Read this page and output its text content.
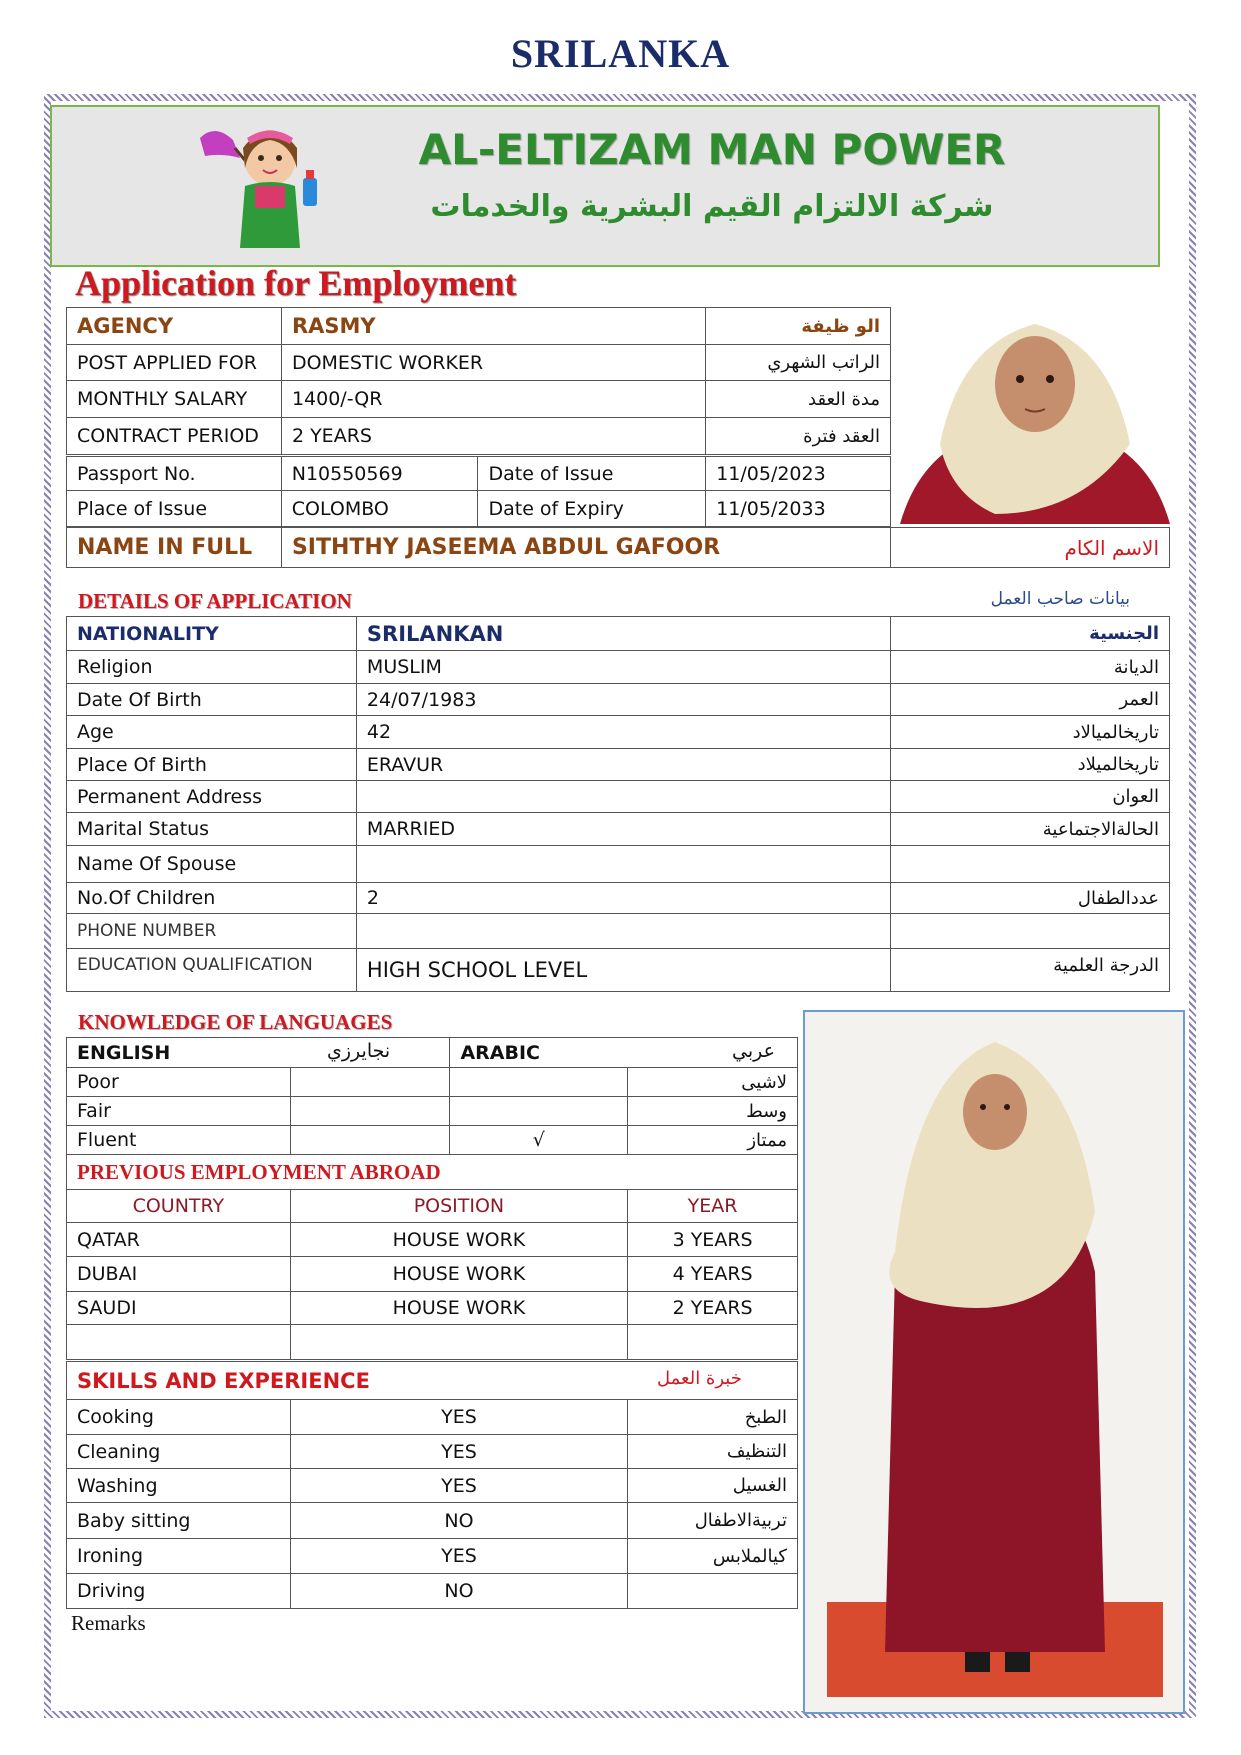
SRILANKA
AL-ELTIZAM MAN POWER
شركة الالتزام القيم البشرية والخدمات
Application for Employment
AGENCY	RASMY	الو ظيفة
POST APPLIED FOR	DOMESTIC WORKER	الراتب الشهري
MONTHLY SALARY	1400/-QR	مدة العقد
CONTRACT PERIOD	2 YEARS	العقد فترة
Passport No.	N10550569	Date of Issue	11/05/2023
Place of Issue	COLOMBO	Date of Expiry	11/05/2033
NAME IN FULL	SITHTHY JASEEMA ABDUL GAFOOR	الاسم الكام
DETAILS OF APPLICATION	بيانات صاحب العمل
NATIONALITY	SRILANKAN	الجنسية
Religion	MUSLIM	الديانة
Date Of Birth	24/07/1983	العمر
Age	42	تاريخالميالاد
Place Of Birth	ERAVUR	تاريخالميلاد
Permanent Address		العوان
Marital Status	MARRIED	الحالةالاجتماعية
Name Of Spouse		
No.Of Children	2	عددالطفال
PHONE NUMBER		
EDUCATION QUALIFICATION	HIGH SCHOOL LEVEL	الدرجة العلمية
KNOWLEDGE OF LANGUAGES
ENGLISH نجايرزي		ARABIC عربي	

Poor			لاشيى
Fair			وسط
Fluent		√	ممتاز
PREVIOUS EMPLOYMENT ABROAD		
COUNTRY	POSITION	YEAR
QATAR	HOUSE WORK	3 YEARS
DUBAI	HOUSE WORK	4 YEARS
SAUDI	HOUSE WORK	2 YEARS

SKILLS AND EXPERIENCE خبرة العمل		

Cooking	YES	الطبخ
Cleaning	YES	التنظيف
Washing	YES	الغسيل
Baby sitting	NO	تربيةالاطفال
Ironing	YES	كيالملابس
Driving	NO	
Remarks
